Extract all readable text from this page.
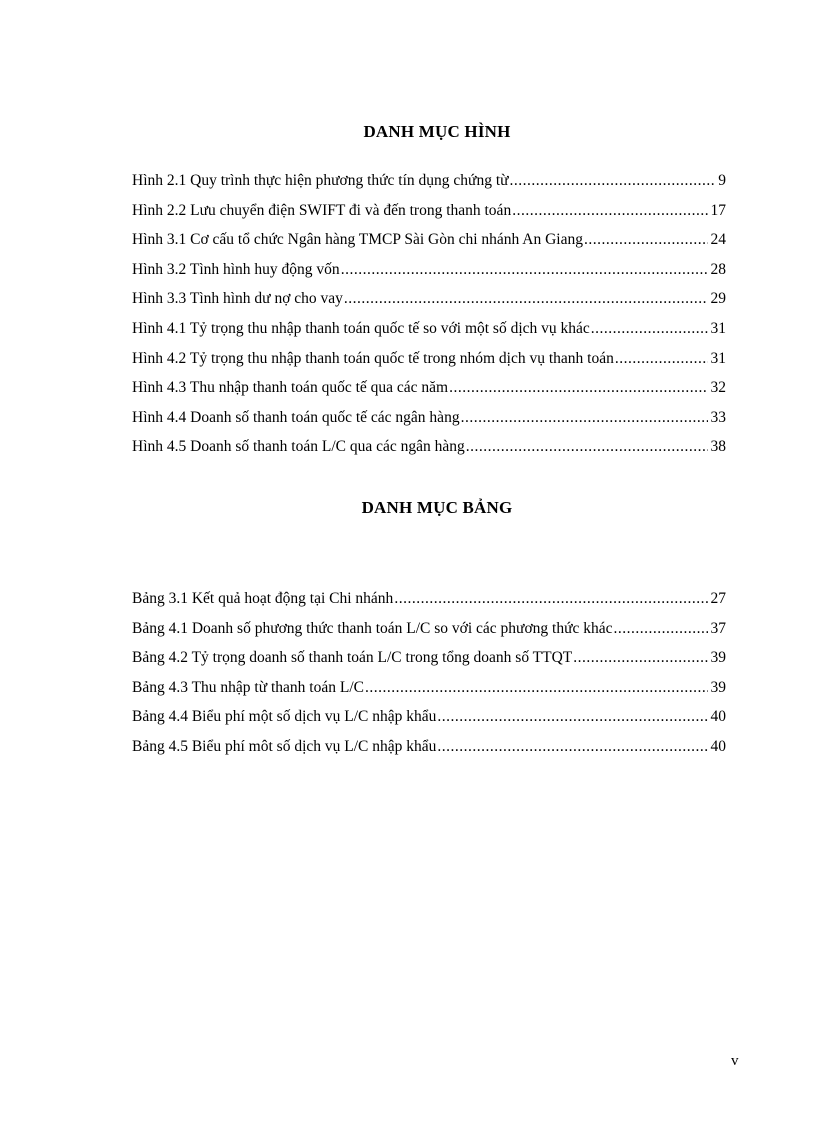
DANH MỤC HÌNH
Hình 2.1 Quy trình thực hiện phương thức tín dụng chứng từ .....	9
Hình 2.2 Lưu chuyển điện SWIFT đi và đến trong thanh toán .....	17
Hình 3.1 Cơ cấu tổ chức Ngân hàng TMCP Sài Gòn chi nhánh An Giang .....	24
Hình 3.2 Tình hình huy động vốn .....	28
Hình 3.3 Tình hình dư nợ cho vay .....	29
Hình 4.1 Tỷ trọng thu nhập thanh toán quốc tế so với một số dịch vụ khác .....	31
Hình 4.2 Tỷ trọng thu nhập thanh toán quốc tế trong nhóm dịch vụ thanh toán .....	31
Hình 4.3 Thu nhập thanh toán quốc tế qua các năm .....	32
Hình 4.4 Doanh số thanh toán quốc tế các ngân hàng .....	33
Hình 4.5 Doanh số thanh toán L/C qua các ngân hàng .....	38
DANH MỤC BẢNG
Bảng 3.1 Kết quả hoạt động tại Chi nhánh .....	27
Bảng 4.1 Doanh số phương thức thanh toán L/C so với các phương thức khác .....	37
Bảng 4.2 Tỷ trọng doanh số thanh toán L/C trong tổng doanh số TTQT .....	39
Bảng 4.3 Thu nhập từ thanh toán L/C .....	39
Bảng 4.4 Biểu phí một số dịch vụ L/C nhập khẩu .....	40
Bảng 4.5 Biểu phí môt số dịch vụ L/C nhập khẩu .....	40
v
